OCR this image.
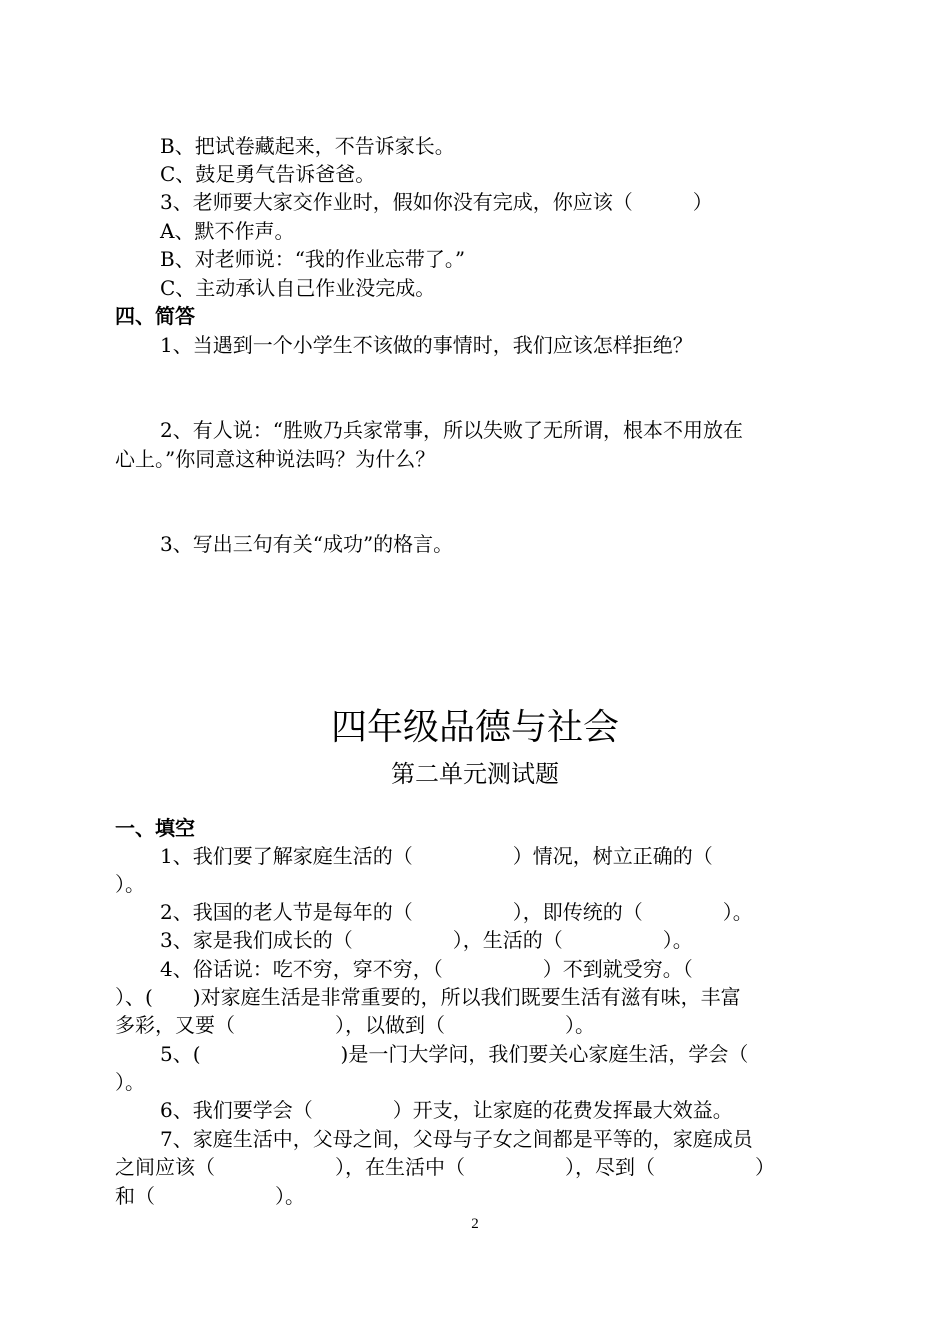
B、把试卷藏起来，不告诉家长。
C、鼓足勇气告诉爸爸。
3、老师要大家交作业时，假如你没有完成，你应该（　　　）
A、默不作声。
B、对老师说：“我的作业忘带了。”
C、主动承认自己作业没完成。
四、简答
1、当遇到一个小学生不该做的事情时，我们应该怎样拒绝？
2、有人说：“胜败乃兵家常事，所以失败了无所谓，根本不用放在
心上。”你同意这种说法吗？为什么？
3、写出三句有关“成功”的格言。
四年级品德与社会
第二单元测试题
一、填空
1、我们要了解家庭生活的（　　　　　）情况，树立正确的（
）。
2、我国的老人节是每年的（　　　　　），即传统的（　　　　）。
3、家是我们成长的（　　　　　），生活的（　　　　　）。
4、俗话说：吃不穷，穿不穷，（　　　　　）不到就受穷。（
）、(　　)对家庭生活是非常重要的，所以我们既要生活有滋有味，丰富
多彩，又要（　　　　　），以做到（　　　　　　）。
5、(　　　　　　　)是一门大学问，我们要关心家庭生活，学会（
）。
6、我们要学会（　　　　）开支，让家庭的花费发挥最大效益。
7、家庭生活中，父母之间，父母与子女之间都是平等的，家庭成员
之间应该（　　　　　　），在生活中（　　　　　），尽到（　　　　　）
和（　　　　　　）。
2
